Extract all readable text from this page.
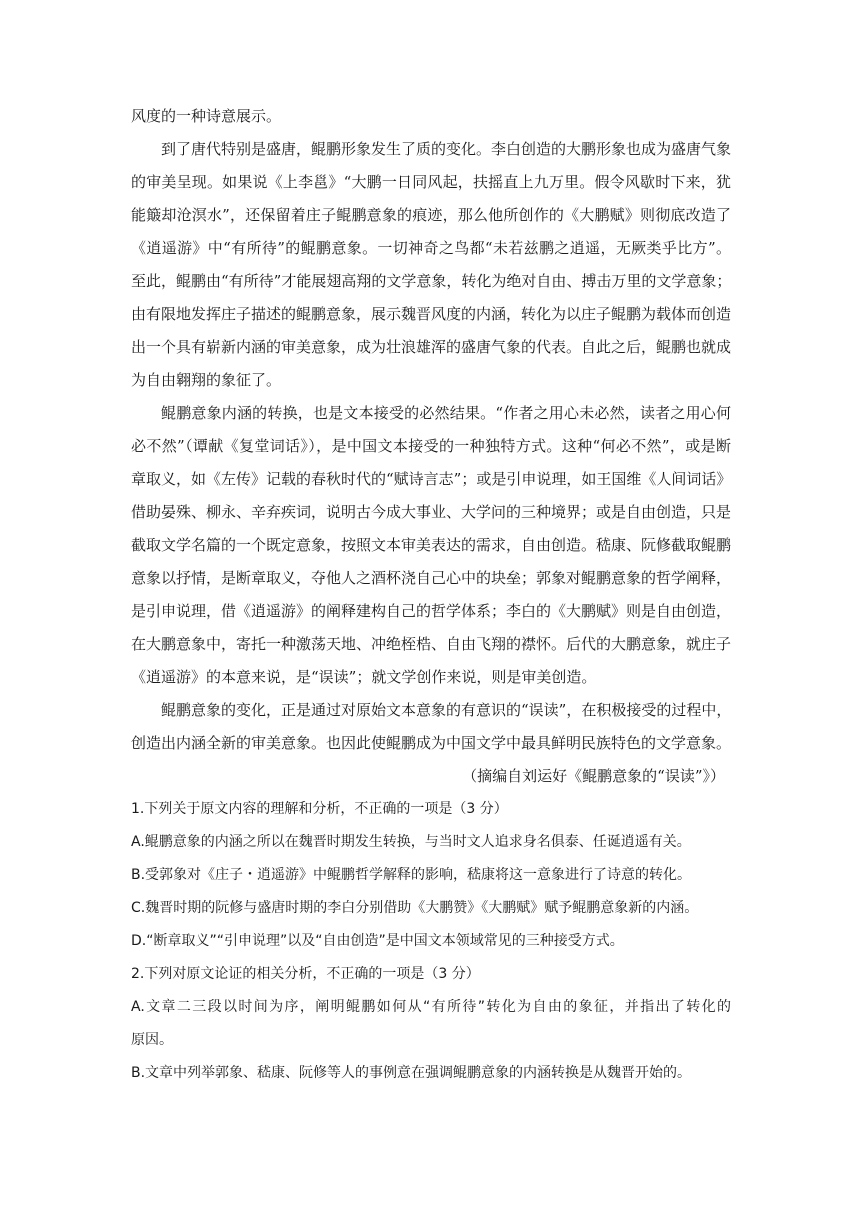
风度的一种诗意展示。
到了唐代特别是盛唐，鲲鹏形象发生了质的变化。李白创造的大鹏形象也成为盛唐气象
的审美呈现。如果说《上李邕》“大鹏一日同风起，扶摇直上九万里。假令风歇时下来，犹
能簸却沧溟水”，还保留着庄子鲲鹏意象的痕迹，那么他所创作的《大鹏赋》则彻底改造了
《逍遥游》中“有所待”的鲲鹏意象。一切神奇之鸟都“未若兹鹏之逍遥，无厥类乎比方”。
至此，鲲鹏由“有所待”才能展翅高翔的文学意象，转化为绝对自由、搏击万里的文学意象；
由有限地发挥庄子描述的鲲鹏意象，展示魏晋风度的内涵，转化为以庄子鲲鹏为载体而创造
出一个具有崭新内涵的审美意象，成为壮浪雄浑的盛唐气象的代表。自此之后，鲲鹏也就成
为自由翱翔的象征了。
鲲鹏意象内涵的转换，也是文本接受的必然结果。“作者之用心未必然，读者之用心何
必不然”（谭献《复堂词话》），是中国文本接受的一种独特方式。这种“何必不然”，或是断
章取义，如《左传》记载的春秋时代的“赋诗言志”；或是引申说理，如王国维《人间词话》
借助晏殊、柳永、辛弃疾词，说明古今成大事业、大学问的三种境界；或是自由创造，只是
截取文学名篇的一个既定意象，按照文本审美表达的需求，自由创造。嵇康、阮修截取鲲鹏
意象以抒情，是断章取义，夺他人之酒杯浇自己心中的块垒；郭象对鲲鹏意象的哲学阐释，
是引申说理，借《逍遥游》的阐释建构自己的哲学体系；李白的《大鹏赋》则是自由创造，
在大鹏意象中，寄托一种激荡天地、冲绝桎梏、自由飞翔的襟怀。后代的大鹏意象，就庄子
《逍遥游》的本意来说，是“误读”；就文学创作来说，则是审美创造。
鲲鹏意象的变化，正是通过对原始文本意象的有意识的“误读”，在积极接受的过程中，
创造出内涵全新的审美意象。也因此使鲲鹏成为中国文学中最具鲜明民族特色的文学意象。
（摘编自刘运好《鲲鹏意象的“误读”》）
1.下列关于原文内容的理解和分析，不正确的一项是（3 分）
A.鲲鹏意象的内涵之所以在魏晋时期发生转换，与当时文人追求身名俱泰、任诞逍遥有关。
B.受郭象对《庄子・逍遥游》中鲲鹏哲学解释的影响，嵇康将这一意象进行了诗意的转化。
C.魏晋时期的阮修与盛唐时期的李白分别借助《大鹏赞》《大鹏赋》赋予鲲鹏意象新的内涵。
D.“断章取义”“引申说理”以及“自由创造”是中国文本领域常见的三种接受方式。
2.下列对原文论证的相关分析，不正确的一项是（3 分）
A.文章二三段以时间为序，阐明鲲鹏如何从“有所待”转化为自由的象征，并指出了转化的
原因。
B.文章中列举郭象、嵇康、阮修等人的事例意在强调鲲鹏意象的内涵转换是从魏晋开始的。
